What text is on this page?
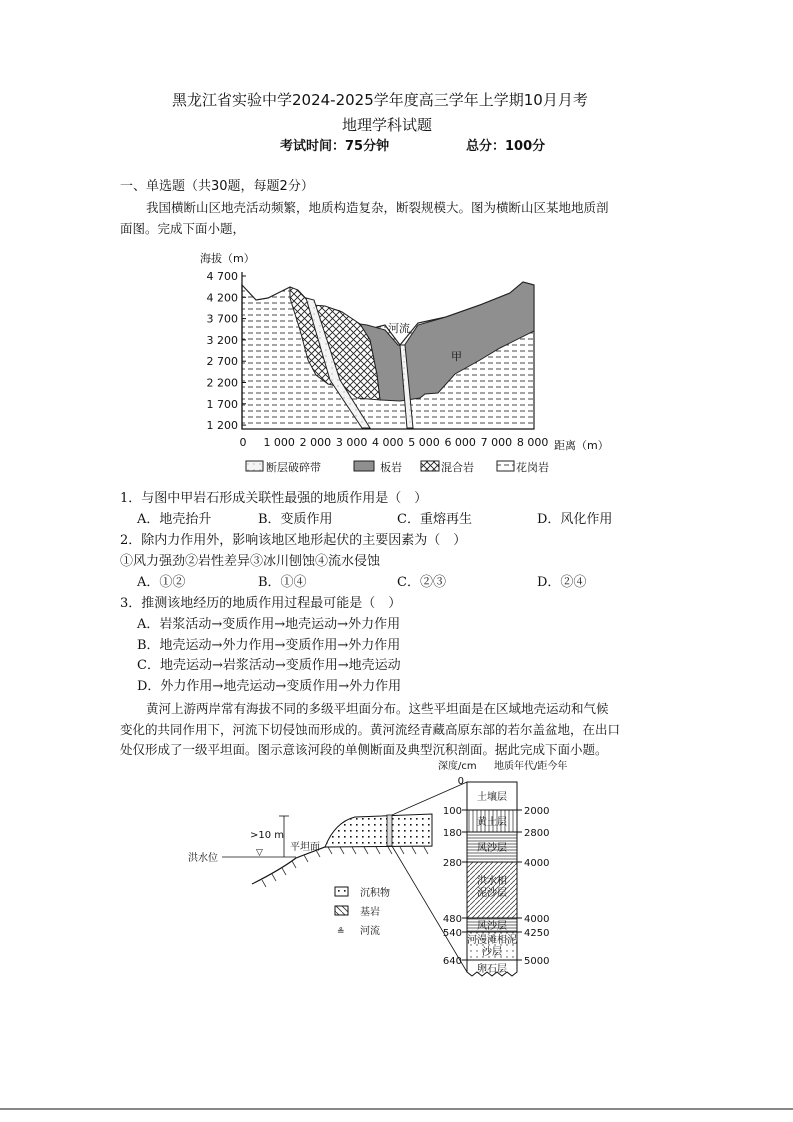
黑龙江省实验中学2024-2025学年度高三学年上学期10月月考
地理学科试题
考试时间：75分钟	总分：100分
一、单选题（共30题，每题2分）
我国横断山区地壳活动频繁，地质构造复杂，断裂规模大。图为横断山区某地地质剖
面图。完成下面小题，
海拔（m）
4 700
4 200
3 700
3 200
2 700
2 200
1 700
1 200
0 1 000 2 000 3 000 4 000 5 000 6 000 7 000 8 000 距离（m）
河流
甲
断层破碎带	板岩	混合岩	花岗岩
深度/cm 地质年代/距今年
洪水位	▽
>10 m
平坦面
沉积物
基岩
≗ 河流
0
100
180
280
480
540
640
2000
2800
4000
4000
4250
5000
土壤层
黄土层
风沙层
洪水相泥沙层
风沙层
河漫滩相泥沙层
卵石层
1．与图中甲岩石形成关联性最强的地质作用是（　）
A．地壳抬升	B．变质作用	C．重熔再生	D．风化作用
2．除内力作用外，影响该地区地形起伏的主要因素为（　）
①风力强劲②岩性差异③冰川刨蚀④流水侵蚀
A．①②	B．①④	C．②③	D．②④
3．推测该地经历的地质作用过程最可能是（　）
A．岩浆活动→变质作用→地壳运动→外力作用
B．地壳运动→外力作用→变质作用→外力作用
C．地壳运动→岩浆活动→变质作用→地壳运动
D．外力作用→地壳运动→变质作用→外力作用
黄河上游两岸常有海拔不同的多级平坦面分布。这些平坦面是在区域地壳运动和气候
变化的共同作用下，河流下切侵蚀而形成的。黄河流经青藏高原东部的若尔盖盆地，在出口
处仅形成了一级平坦面。图示意该河段的单侧断面及典型沉积剖面。据此完成下面小题。
